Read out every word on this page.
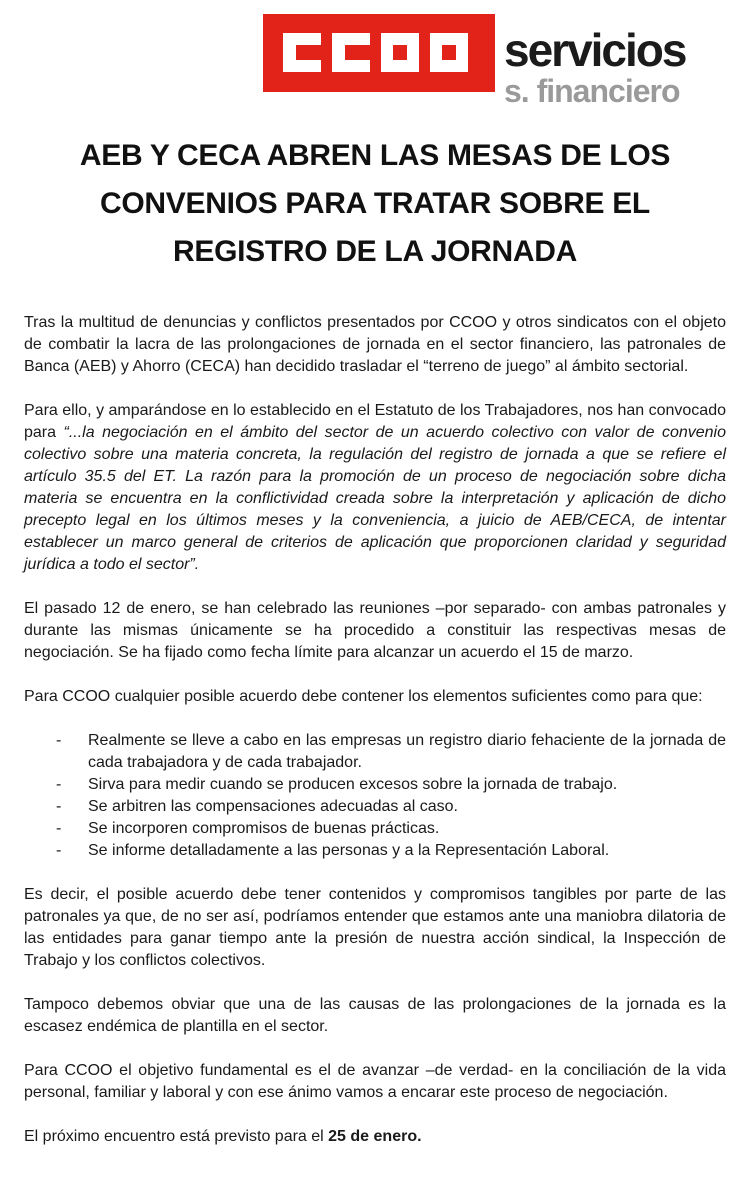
servicios
s. financiero
AEB Y CECA ABREN LAS MESAS DE LOS
CONVENIOS PARA TRATAR SOBRE EL
REGISTRO DE LA JORNADA

Tras la multitud de denuncias y conflictos presentados por CCOO y otros sindicatos con el objeto de combatir la lacra de las prolongaciones de jornada en el sector financiero, las patronales de Banca (AEB) y Ahorro (CECA) han decidido trasladar el “terreno de juego” al ámbito sectorial.

Para ello, y amparándose en lo establecido en el Estatuto de los Trabajadores, nos han convocado para “...la negociación en el ámbito del sector de un acuerdo colectivo con valor de convenio colectivo sobre una materia concreta, la regulación del registro de jornada a que se refiere el artículo 35.5 del ET. La razón para la promoción de un proceso de negociación sobre dicha materia se encuentra en la conflictividad creada sobre la interpretación y aplicación de dicho precepto legal en los últimos meses y la conveniencia, a juicio de AEB/CECA, de intentar establecer un marco general de criterios de aplicación que proporcionen claridad y seguridad jurídica a todo el sector”.

El pasado 12 de enero, se han celebrado las reuniones –por separado- con ambas patronales y durante las mismas únicamente se ha procedido a constituir las respectivas mesas de negociación. Se ha fijado como fecha límite para alcanzar un acuerdo el 15 de marzo.

Para CCOO cualquier posible acuerdo debe contener los elementos suficientes como para que:

- Realmente se lleve a cabo en las empresas un registro diario fehaciente de la jornada de cada trabajadora y de cada trabajador.
- Sirva para medir cuando se producen excesos sobre la jornada de trabajo.
- Se arbitren las compensaciones adecuadas al caso.
- Se incorporen compromisos de buenas prácticas.
- Se informe detalladamente a las personas y a la Representación Laboral.

Es decir, el posible acuerdo debe tener contenidos y compromisos tangibles por parte de las patronales ya que, de no ser así, podríamos entender que estamos ante una maniobra dilatoria de las entidades para ganar tiempo ante la presión de nuestra acción sindical, la Inspección de Trabajo y los conflictos colectivos.

Tampoco debemos obviar que una de las causas de las prolongaciones de la jornada es la escasez endémica de plantilla en el sector.

Para CCOO el objetivo fundamental es el de avanzar –de verdad- en la conciliación de la vida personal, familiar y laboral y con ese ánimo vamos a encarar este proceso de negociación.

El próximo encuentro está previsto para el 25 de enero.
